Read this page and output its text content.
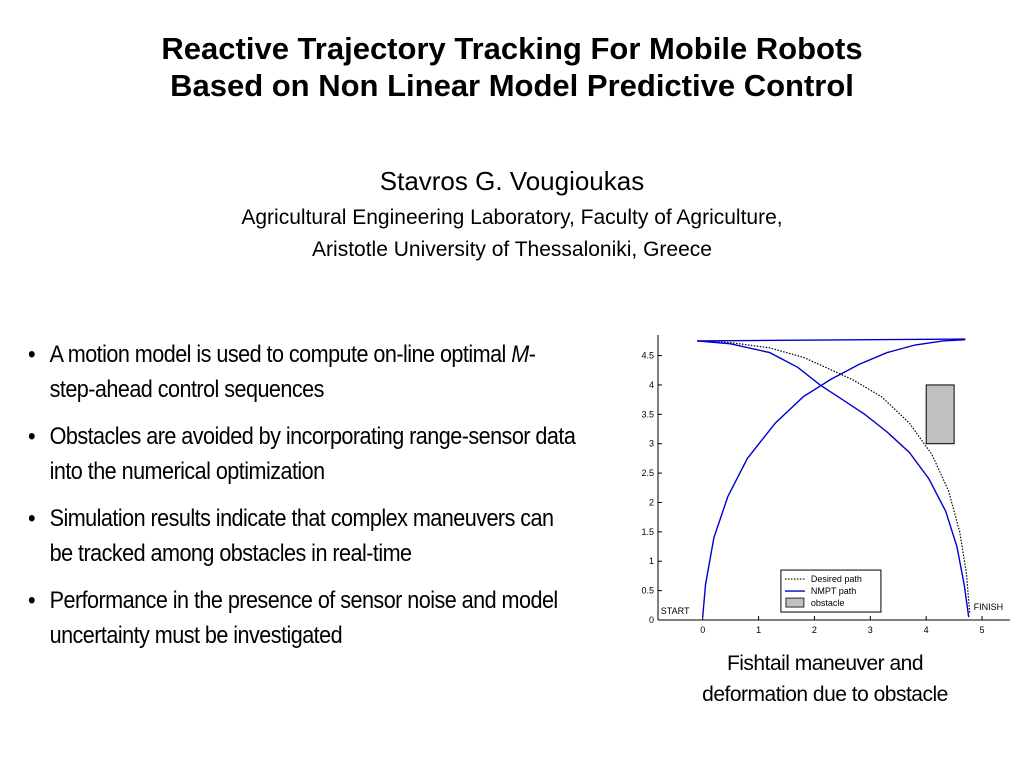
Reactive Trajectory Tracking For Mobile Robots
Based on Non Linear Model Predictive Control
Stavros G. Vougioukas
Agricultural Engineering Laboratory, Faculty of Agriculture,
Aristotle University of Thessaloniki, Greece
• A motion model is used to compute on-line optimal M-step-ahead control sequences
• Obstacles are avoided by incorporating range-sensor data into the numerical optimization
• Simulation results indicate that complex maneuvers can be tracked among obstacles in real-time
• Performance in the presence of sensor noise and model uncertainty must be investigated	0	1	2	3	4	5
0
0.5
1
1.5
2
2.5
3
3.5
4
4.5
START	FINISH
Desired path
NMPT path
obstacle
Fishtail maneuver and
deformation due to obstacle
